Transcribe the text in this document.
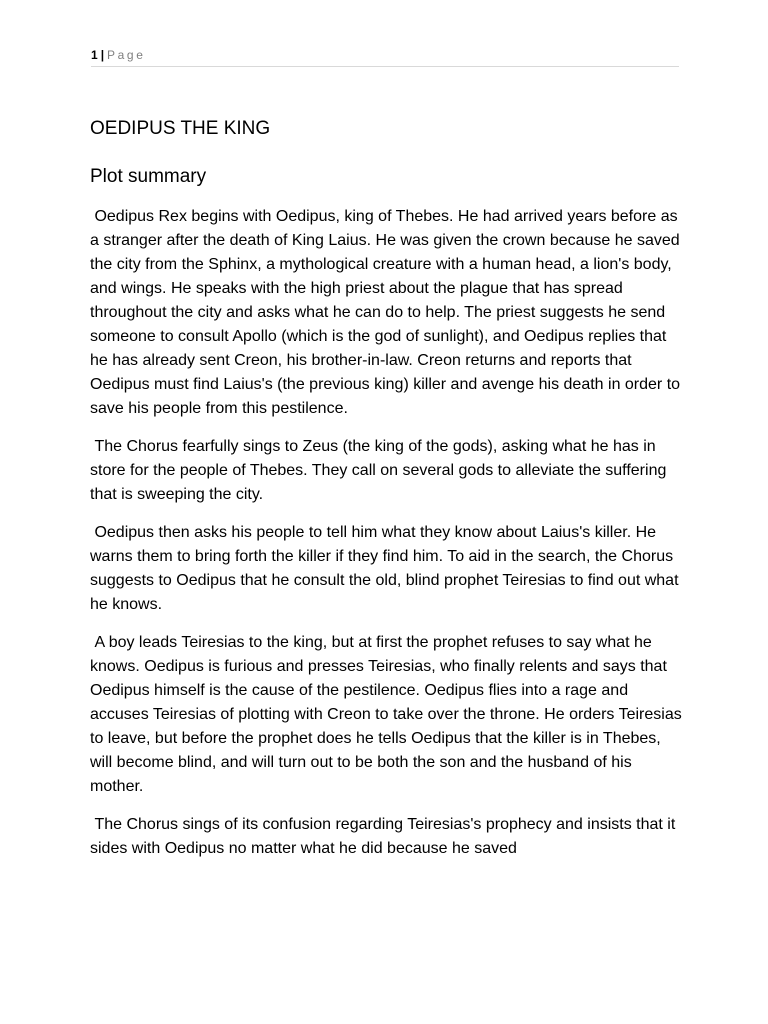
1 | Page
OEDIPUS THE KING
Plot summary

Oedipus Rex begins with Oedipus, king of Thebes. He had arrived years before as a stranger after the death of King Laius. He was given the crown because he saved the city from the Sphinx, a mythological creature with a human head, a lion's body, and wings. He speaks with the high priest about the plague that has spread throughout the city and asks what he can do to help. The priest suggests he send someone to consult Apollo (which is the god of sunlight), and Oedipus replies that he has already sent Creon, his brother-in-law. Creon returns and reports that Oedipus must find Laius's (the previous king) killer and avenge his death in order to save his people from this pestilence.

The Chorus fearfully sings to Zeus (the king of the gods), asking what he has in store for the people of Thebes. They call on several gods to alleviate the suffering that is sweeping the city.

Oedipus then asks his people to tell him what they know about Laius's killer. He warns them to bring forth the killer if they find him. To aid in the search, the Chorus suggests to Oedipus that he consult the old, blind prophet Teiresias to find out what he knows.

A boy leads Teiresias to the king, but at first the prophet refuses to say what he knows. Oedipus is furious and presses Teiresias, who finally relents and says that Oedipus himself is the cause of the pestilence. Oedipus flies into a rage and accuses Teiresias of plotting with Creon to take over the throne. He orders Teiresias to leave, but before the prophet does he tells Oedipus that the killer is in Thebes, will become blind, and will turn out to be both the son and the husband of his mother.

The Chorus sings of its confusion regarding Teiresias's prophecy and insists that it sides with Oedipus no matter what he did because he saved
